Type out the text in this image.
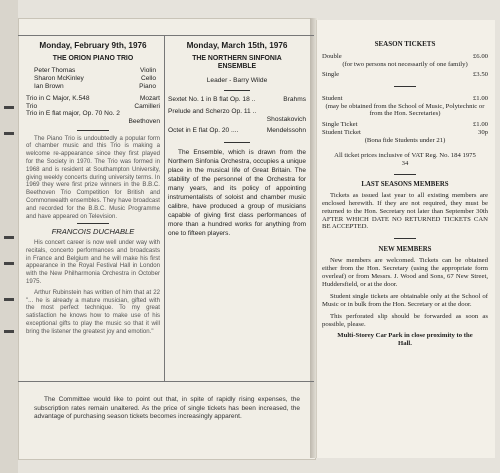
Monday, February 9th, 1976
THE ORION PIANO TRIO
Peter Thomas	Violin
Sharon McKinley	Cello
Ian Brown	Piano
Trio in C Major, K.548	Mozart
Trio	Camilleri
Trio in E flat major, Op. 70 No. 2
Beethoven
The Piano Trio is undoubtedly a popular form of chamber music and this Trio is making a welcome re-appearance since they first played for the Society in 1970. The Trio was formed in 1968 and is resident at Southampton University, giving weekly concerts during university terms. In 1969 they were first prize winners in the B.B.C. Beethoven Trio Competition for British and Commonwealth ensembles. They have broadcast and recorded for the B.B.C. Music Programme and have appeared on Television.
FRANCOIS DUCHABLE
His concert career is now well under way with recitals, concerto performances and broadcasts in France and Belgium and he will make his first appearance in the Royal Festival Hall in London with the New Philharmonia Orchestra in October 1975.
Arthur Rubinstein has written of him that at 22 "... he is already a mature musician, gifted with the most perfect technique. To my great satisfaction he knows how to make use of his exceptional gifts to play the music so that it will bring the listener the greatest joy and emotion."
Monday, March 15th, 1976
THE NORTHERN SINFONIA ENSEMBLE
Leader - Barry Wilde
Sextet No. 1 in B flat Op. 18 ..	Brahms
Prelude and Scherzo Op. 11 ..
Shostakovich
Octet in E flat Op. 20 ....	Mendelssohn
The Ensemble, which is drawn from the Northern Sinfonia Orchestra, occupies a unique place in the musical life of Great Britain. The stability of the personnel of the Orchestra for many years, and its policy of appointing instrumentalists of soloist and chamber music calibre, have produced a group of musicians capable of giving first class performances of more than a hundred works for anything from one to fifteen players.
The Committee would like to point out that, in spite of rapidly rising expenses, the subscription rates remain unaltered. As the price of single tickets has been increased, the advantage of purchasing season tickets becomes increasingly apparent.
SEASON TICKETS
Double	£6.00
(for two persons not necessarily of one family)
Single	£3.50
Student	£1.00
(may be obtained from the School of Music, Polytechnic or from the Hon. Secretaries)
Single Ticket	£1.00
Student Ticket	30p
(Bona fide Students under 21)
All ticket prices inclusive of VAT Reg. No. 184 1975 34
LAST SEASONS MEMBERS
Tickets as issued last year to all existing members are enclosed herewith. If they are not required, they must be returned to the Hon. Secretary not later than September 30th AFTER WHICH DATE NO RETURNED TICKETS CAN BE ACCEPTED.
NEW MEMBERS
New members are welcomed. Tickets can be obtained either from the Hon. Secretary (using the appropriate form overleaf) or from Messrs. J. Wood and Sons, 67 New Street, Huddersfield, or at the door.
Student single tickets are obtainable only at the School of Music or in bulk from the Hon. Secretary or at the door.
This perforated slip should be forwarded as soon as possible, please.
Multi-Storey Car Park in close proximity to the Hall.
